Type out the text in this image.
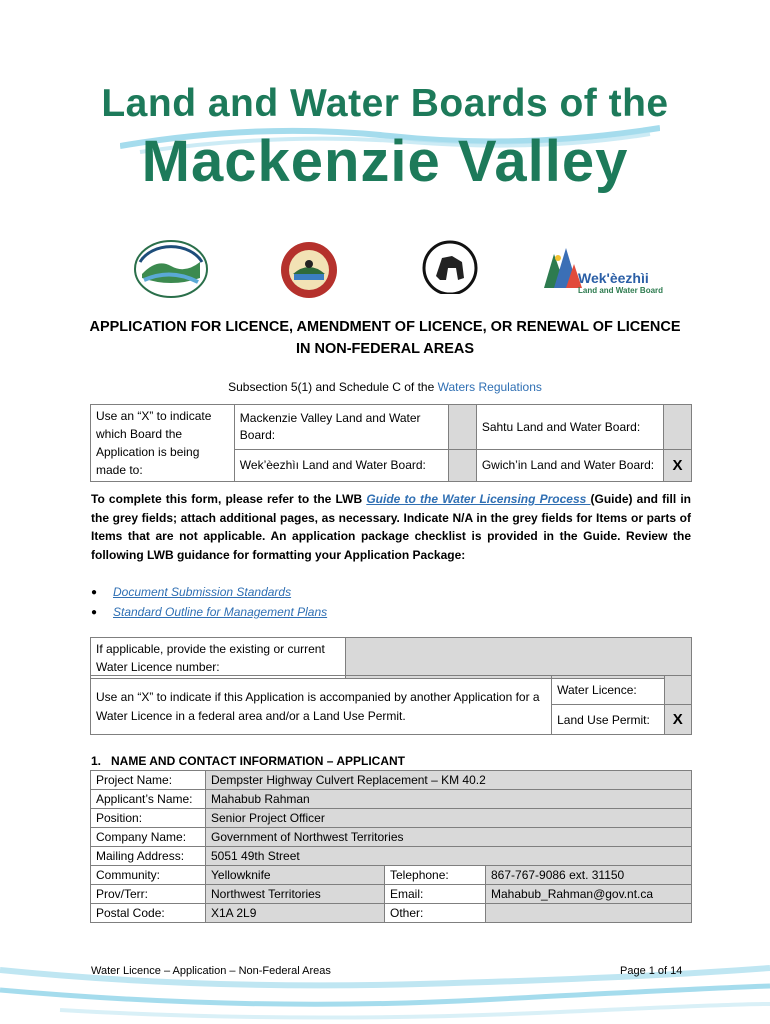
Land and Water Boards of the
Mackenzie Valley
Wek'èezhìi
Land and Water Board
APPLICATION FOR LICENCE, AMENDMENT OF LICENCE, OR RENEWAL OF LICENCE
IN NON-FEDERAL AREAS
Subsection 5(1) and Schedule C of the Waters Regulations
Use an “X” to indicate which Board the Application is being made to:	Mackenzie Valley Land and Water Board:		Sahtu Land and Water Board:	
	Wek’èezhìı Land and Water Board:		Gwich’in Land and Water Board:	X
To complete this form, please refer to the LWB Guide to the Water Licensing Process (Guide) and fill in the grey fields; attach additional pages, as necessary. Indicate N/A in the grey fields for Items or parts of Items that are not applicable. An application package checklist is provided in the Guide. Review the following LWB guidance for formatting your Application Package:
●	Document Submission Standards
●	Standard Outline for Management Plans
If applicable, provide the existing or current Water Licence number:	
Use an “X” to indicate if this Application is accompanied by another Application for a Water Licence in a federal area and/or a Land Use Permit.	Water Licence:	
	Land Use Permit:	X
1.   NAME AND CONTACT INFORMATION – APPLICANT
Project Name:	Dempster Highway Culvert Replacement – KM 40.2		
Applicant’s Name:	Mahabub Rahman		
Position:	Senior Project Officer		
Company Name:	Government of Northwest Territories		
Mailing Address:	5051 49th Street		
Community:	Yellowknife	Telephone:	867-767-9086 ext. 31150
Prov/Terr:	Northwest Territories	Email:	Mahabub_Rahman@gov.nt.ca
Postal Code:	X1A 2L9	Other:	
Water Licence – Application – Non-Federal Areas	Page 1 of 14
